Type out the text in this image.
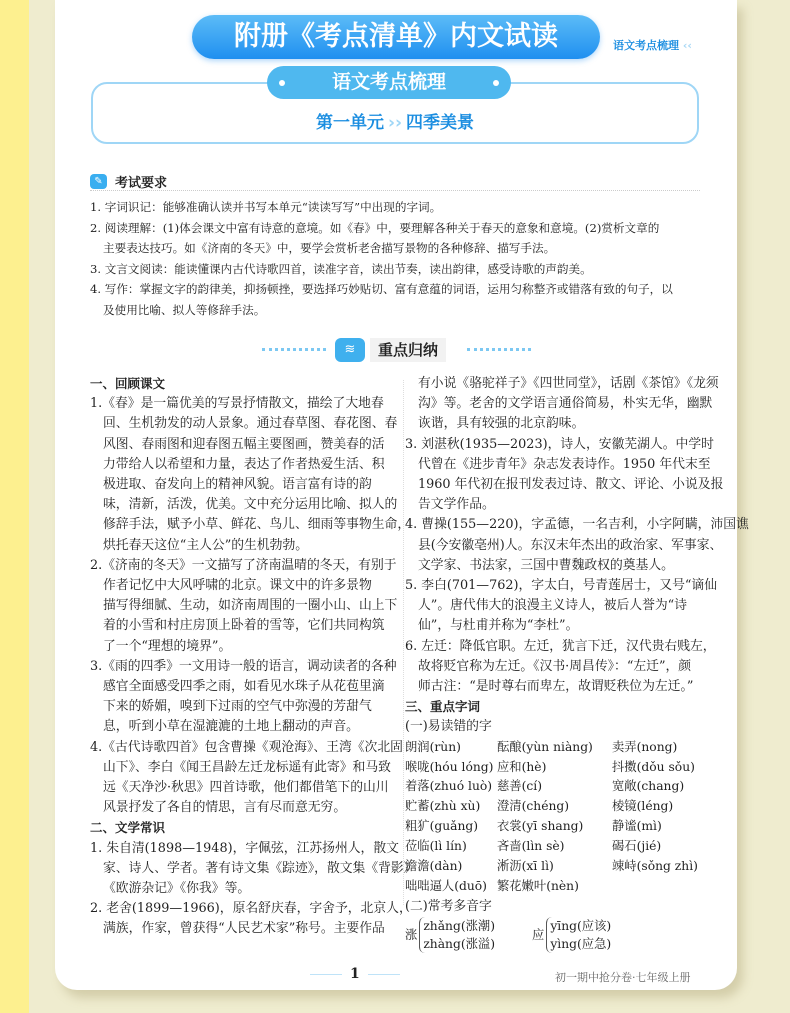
附册《考点清单》内文试读	语文考点梳理 ‹‹
语文考点梳理
第一单元 ›› 四季美景
✎ 考试要求
1. 字词识记：能够准确认读并书写本单元“读读写写”中出现的字词。
2. 阅读理解：(1)体会课文中富有诗意的意境。如《春》中，要理解各种关于春天的意象和意境。(2)赏析文章的
主要表达技巧。如《济南的冬天》中，要学会赏析老舍描写景物的各种修辞、描写手法。
3. 文言文阅读：能读懂课内古代诗歌四首，读准字音，读出节奏，读出韵律，感受诗歌的声韵美。
4. 写作：掌握文字的韵律美，抑扬顿挫，要选择巧妙贴切、富有意蕴的词语，运用匀称整齐或错落有致的句子，以
及使用比喻、拟人等修辞手法。
≋	重点归纳
一、回顾课文
1.《春》是一篇优美的写景抒情散文，描绘了大地春
回、生机勃发的动人景象。通过春草图、春花图、春
风图、春雨图和迎春图五幅主要图画，赞美春的活
力带给人以希望和力量，表达了作者热爱生活、积
极进取、奋发向上的精神风貌。语言富有诗的韵
味，清新，活泼，优美。文中充分运用比喻、拟人的
修辞手法，赋予小草、鲜花、鸟儿、细雨等事物生命，
烘托春天这位“主人公”的生机勃勃。
2.《济南的冬天》一文描写了济南温晴的冬天，有别于
作者记忆中大风呼啸的北京。课文中的许多景物
描写得细腻、生动，如济南周围的一圈小山、山上下
着的小雪和村庄房顶上卧着的雪等，它们共同构筑
了一个“理想的境界”。
3.《雨的四季》一文用诗一般的语言，调动读者的各种
感官全面感受四季之雨，如看见水珠子从花苞里滴
下来的娇媚，嗅到下过雨的空气中弥漫的芳甜气
息，听到小草在湿漉漉的土地上翻动的声音。
4.《古代诗歌四首》包含曹操《观沧海》、王湾《次北固
山下》、李白《闻王昌龄左迁龙标遥有此寄》和马致
远《天净沙·秋思》四首诗歌，他们都借笔下的山川
风景抒发了各自的情思，言有尽而意无穷。
二、文学常识
1. 朱自清(1898—1948)，字佩弦，江苏扬州人，散文
家、诗人、学者。著有诗文集《踪迹》，散文集《背影》
《欧游杂记》《你我》等。
2. 老舍(1899—1966)，原名舒庆春，字舍予，北京人，
满族，作家，曾获得“人民艺术家”称号。主要作品
有小说《骆驼祥子》《四世同堂》，话剧《茶馆》《龙须
沟》等。老舍的文学语言通俗简易，朴实无华，幽默
诙谐，具有较强的北京韵味。
3. 刘湛秋(1935—2023)，诗人，安徽芜湖人。中学时
代曾在《进步青年》杂志发表诗作。1950 年代末至
1960 年代初在报刊发表过诗、散文、评论、小说及报
告文学作品。
4. 曹操(155—220)，字孟德，一名吉利，小字阿瞒，沛国谯
县(今安徽亳州)人。东汉末年杰出的政治家、军事家、
文学家、书法家，三国中曹魏政权的奠基人。
5. 李白(701—762)，字太白，号青莲居士，又号“谪仙
人”。唐代伟大的浪漫主义诗人，被后人誉为“诗
仙”，与杜甫并称为“李杜”。
6. 左迁：降低官职。左迁，犹言下迁，汉代贵右贱左，
故将贬官称为左迁。《汉书·周昌传》：“左迁”，颜
师古注：“是时尊右而卑左，故谓贬秩位为左迁。”
三、重点字词
(一)易读错的字
朗润(rùn)	酝酿(yùn niàng)	卖弄(nong)
喉咙(hóu lóng) 应和(hè)	抖擞(dǒu sǒu)
着落(zhuó luò) 慈善(cí)	宽敞(chang)
贮蓄(zhù xù)	澄清(chéng)	棱镜(léng)
粗犷(guǎng)	衣裳(yī shang)	静谧(mì)
莅临(lì lín)	吝啬(lìn sè)	碣石(jié)
澹澹(dàn)	淅沥(xī lì)	竦峙(sǒng zhì)
咄咄逼人(duō) 繁花嫩叶(nèn)
(二)常考多音字
涨
zhǎng(涨潮)
zhàng(涨溢)
应
yīng(应该)
yìng(应急)
1	初一期中抢分卷·七年级上册
